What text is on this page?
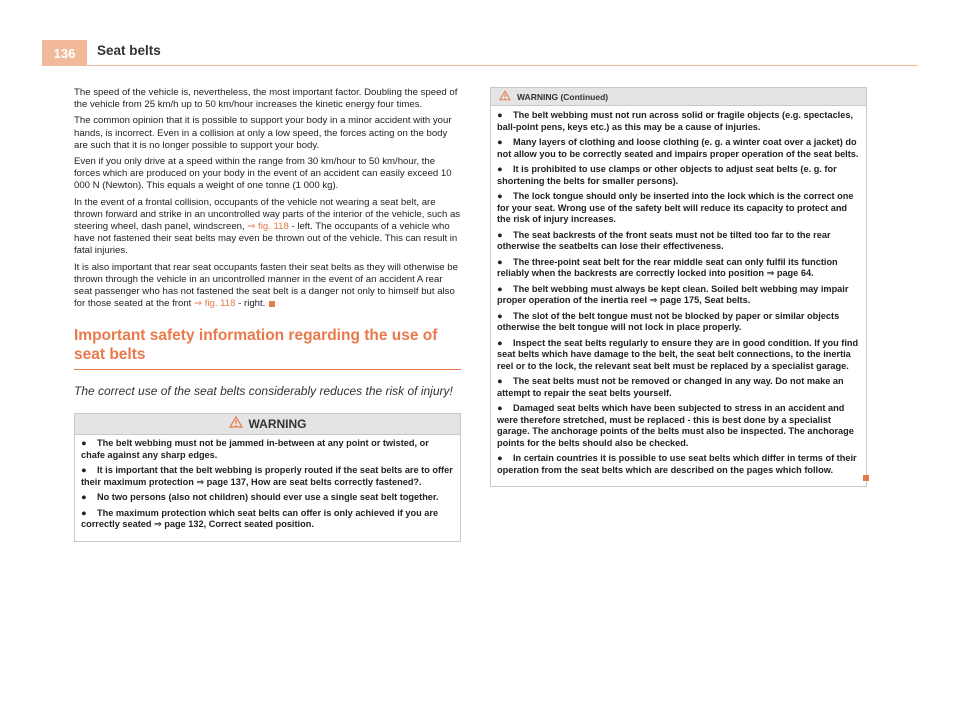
136	Seat belts

The speed of the vehicle is, nevertheless, the most important factor. Doubling the speed of the vehicle from 25 km/h up to 50 km/hour increases the kinetic energy four times.

The common opinion that it is possible to support your body in a minor accident with your hands, is incorrect. Even in a collision at only a low speed, the forces acting on the body are such that it is no longer possible to support your body.

Even if you only drive at a speed within the range from 30 km/hour to 50 km/hour, the forces which are produced on your body in the event of an accident can easily exceed 10 000 N (Newton). This equals a weight of one tonne (1 000 kg).

In the event of a frontal collision, occupants of the vehicle not wearing a seat belt, are thrown forward and strike in an uncontrolled way parts of the interior of the vehicle, such as steering wheel, dash panel, windscreen, ⇒ fig. 118 - left. The occupants of a vehicle who have not fastened their seat belts may even be thrown out of the vehicle. This can result in fatal injuries.

It is also important that rear seat occupants fasten their seat belts as they will otherwise be thrown through the vehicle in an uncontrolled manner in the event of an accident A rear seat passenger who has not fastened the seat belt is a danger not only to himself but also for those seated at the front ⇒ fig. 118 - right.

Important safety information regarding the use of seat belts

The correct use of the seat belts considerably reduces the risk of injury!

WARNING

● The belt webbing must not be jammed in-between at any point or twisted, or chafe against any sharp edges.

● It is important that the belt webbing is properly routed if the seat belts are to offer their maximum protection ⇒ page 137, How are seat belts correctly fastened?.

● No two persons (also not children) should ever use a single seat belt together.

● The maximum protection which seat belts can offer is only achieved if you are correctly seated ⇒ page 132, Correct seated position.

WARNING (Continued)

● The belt webbing must not run across solid or fragile objects (e.g. spectacles, ball-point pens, keys etc.) as this may be a cause of injuries.

● Many layers of clothing and loose clothing (e. g. a winter coat over a jacket) do not allow you to be correctly seated and impairs proper operation of the seat belts.

● It is prohibited to use clamps or other objects to adjust seat belts (e. g. for shortening the belts for smaller persons).

● The lock tongue should only be inserted into the lock which is the correct one for your seat. Wrong use of the safety belt will reduce its capacity to protect and the risk of injury increases.

● The seat backrests of the front seats must not be tilted too far to the rear otherwise the seatbelts can lose their effectiveness.

● The three-point seat belt for the rear middle seat can only fulfil its function reliably when the backrests are correctly locked into position ⇒ page 64.

● The belt webbing must always be kept clean. Soiled belt webbing may impair proper operation of the inertia reel ⇒ page 175, Seat belts.

● The slot of the belt tongue must not be blocked by paper or similar objects otherwise the belt tongue will not lock in place properly.

● Inspect the seat belts regularly to ensure they are in good condition. If you find seat belts which have damage to the belt, the seat belt connections, to the inertia reel or to the lock, the relevant seat belt must be replaced by a specialist garage.

● The seat belts must not be removed or changed in any way. Do not make an attempt to repair the seat belts yourself.

● Damaged seat belts which have been subjected to stress in an accident and were therefore stretched, must be replaced - this is best done by a specialist garage. The anchorage points of the belts must also be inspected. The anchorage points for the belts should also be checked.

● In certain countries it is possible to use seat belts which differ in terms of their operation from the seat belts which are described on the pages which follow.
